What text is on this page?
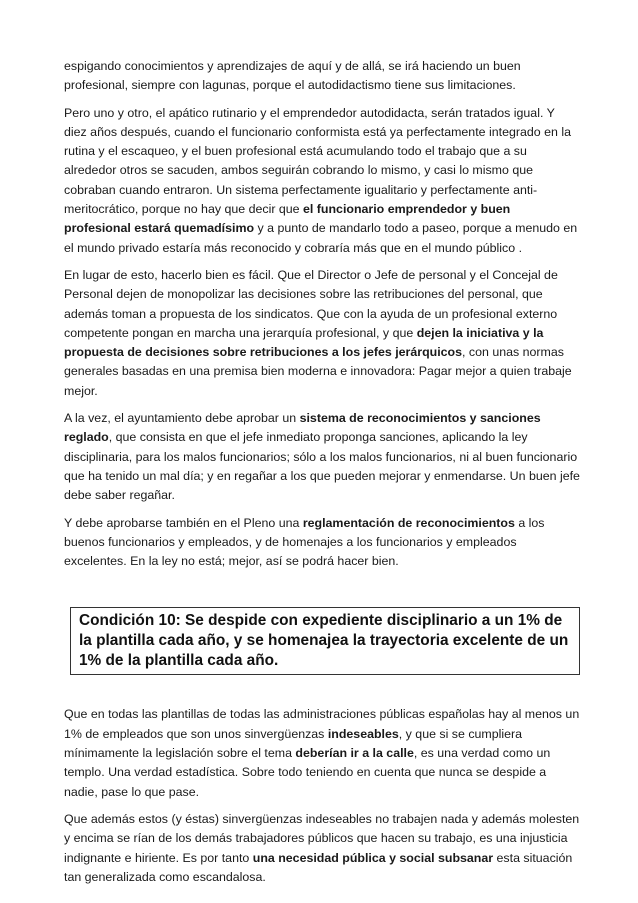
espigando conocimientos y aprendizajes de aquí y de allá, se irá haciendo un buen profesional, siempre con lagunas, porque el autodidactismo tiene sus limitaciones.

Pero uno y otro, el apático rutinario y el emprendedor autodidacta, serán tratados igual. Y diez años después, cuando el funcionario conformista está ya perfectamente integrado en la rutina y el escaqueo, y el buen profesional está acumulando todo el trabajo que a su alrededor otros se sacuden, ambos seguirán cobrando lo mismo, y casi lo mismo que cobraban cuando entraron. Un sistema perfectamente igualitario y perfectamente anti-meritocrático, porque no hay que decir que el funcionario emprendedor y buen profesional estará quemadísimo y a punto de mandarlo todo a paseo, porque a menudo en el mundo privado estaría más reconocido y cobraría más que en el mundo público .

En lugar de esto, hacerlo bien es fácil. Que el Director o Jefe de personal y el Concejal de Personal dejen de monopolizar las decisiones sobre las retribuciones del personal, que además toman a propuesta de los sindicatos. Que con la ayuda de un profesional externo competente pongan en marcha una jerarquía profesional, y que dejen la iniciativa y la propuesta de decisiones sobre retribuciones a los jefes jerárquicos, con unas normas generales basadas en una premisa bien moderna e innovadora: Pagar mejor a quien trabaje mejor.

A la vez, el ayuntamiento debe aprobar un sistema de reconocimientos y sanciones reglado, que consista en que el jefe inmediato proponga sanciones, aplicando la ley disciplinaria, para los malos funcionarios; sólo a los malos funcionarios, ni al buen funcionario que ha tenido un mal día; y en regañar a los que pueden mejorar y enmendarse. Un buen jefe debe saber regañar.

Y debe aprobarse también en el Pleno una reglamentación de reconocimientos a los buenos funcionarios y empleados, y de homenajes a los funcionarios y empleados excelentes. En la ley no está; mejor, así se podrá hacer bien.

Condición 10: Se despide con expediente disciplinario a un 1% de la plantilla cada año, y se homenajea la trayectoria excelente de un 1% de la plantilla cada año.

Que en todas las plantillas de todas las administraciones públicas españolas hay al menos un 1% de empleados que son unos sinvergüenzas indeseables, y que si se cumpliera mínimamente la legislación sobre el tema deberían ir a la calle, es una verdad como un templo. Una verdad estadística. Sobre todo teniendo en cuenta que nunca se despide a nadie, pase lo que pase.

Que además estos (y éstas) sinvergüenzas indeseables no trabajen nada y además molesten y encima se rían de los demás trabajadores públicos que hacen su trabajo, es una injusticia indignante e hiriente. Es por tanto una necesidad pública y social subsanar esta situación tan generalizada como escandalosa.
